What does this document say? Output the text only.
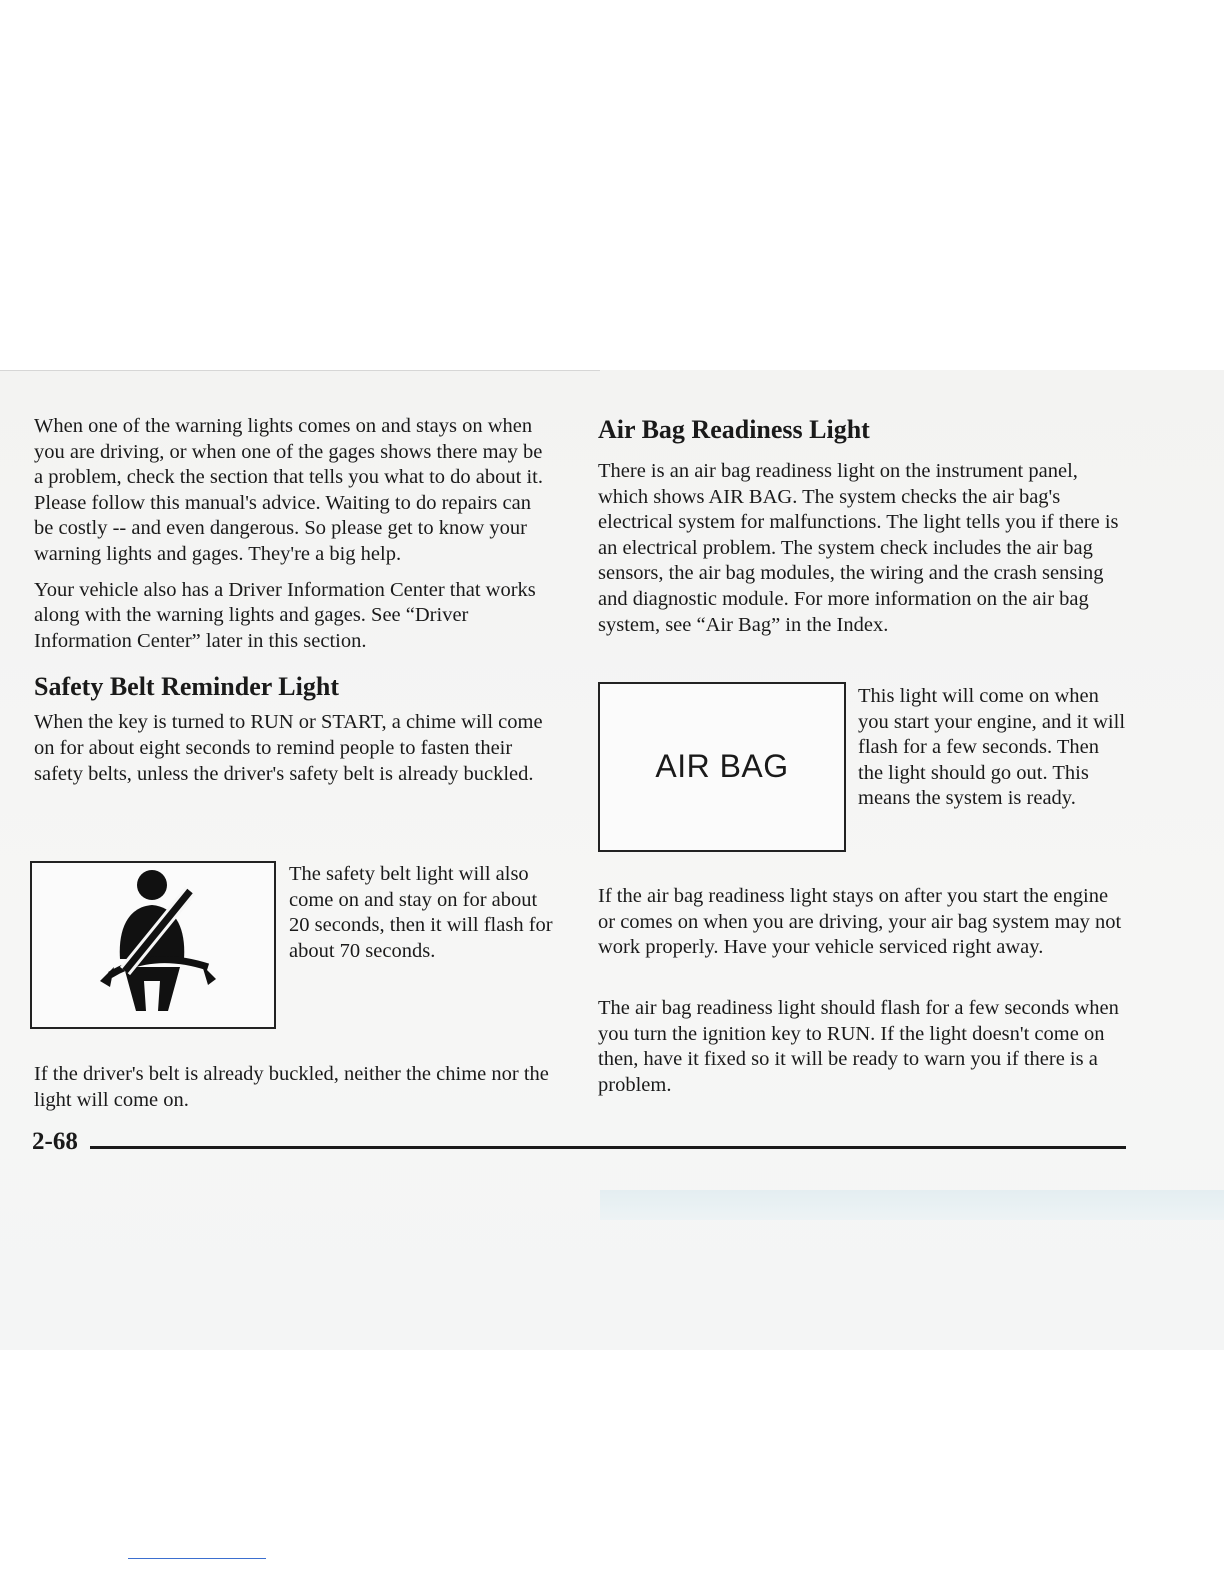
When one of the warning lights comes on and stays on when you are driving, or when one of the gages shows there may be a problem, check the section that tells you what to do about it. Please follow this manual's advice. Waiting to do repairs can be costly -- and even dangerous. So please get to know your warning lights and gages. They're a big help.

Your vehicle also has a Driver Information Center that works along with the warning lights and gages. See “Driver Information Center” later in this section.

Safety Belt Reminder Light

When the key is turned to RUN or START, a chime will come on for about eight seconds to remind people to fasten their safety belts, unless the driver's safety belt is already buckled.

The safety belt light will also come on and stay on for about 20 seconds, then it will flash for about 70 seconds.

If the driver's belt is already buckled, neither the chime nor the light will come on.

Air Bag Readiness Light

There is an air bag readiness light on the instrument panel, which shows AIR BAG. The system checks the air bag's electrical system for malfunctions. The light tells you if there is an electrical problem. The system check includes the air bag sensors, the air bag modules, the wiring and the crash sensing and diagnostic module. For more information on the air bag system, see “Air Bag” in the Index.

AIR BAG

This light will come on when you start your engine, and it will flash for a few seconds. Then the light should go out. This means the system is ready.

If the air bag readiness light stays on after you start the engine or comes on when you are driving, your air bag system may not work properly. Have your vehicle serviced right away.

The air bag readiness light should flash for a few seconds when you turn the ignition key to RUN. If the light doesn't come on then, have it fixed so it will be ready to warn you if there is a problem.

2-68
